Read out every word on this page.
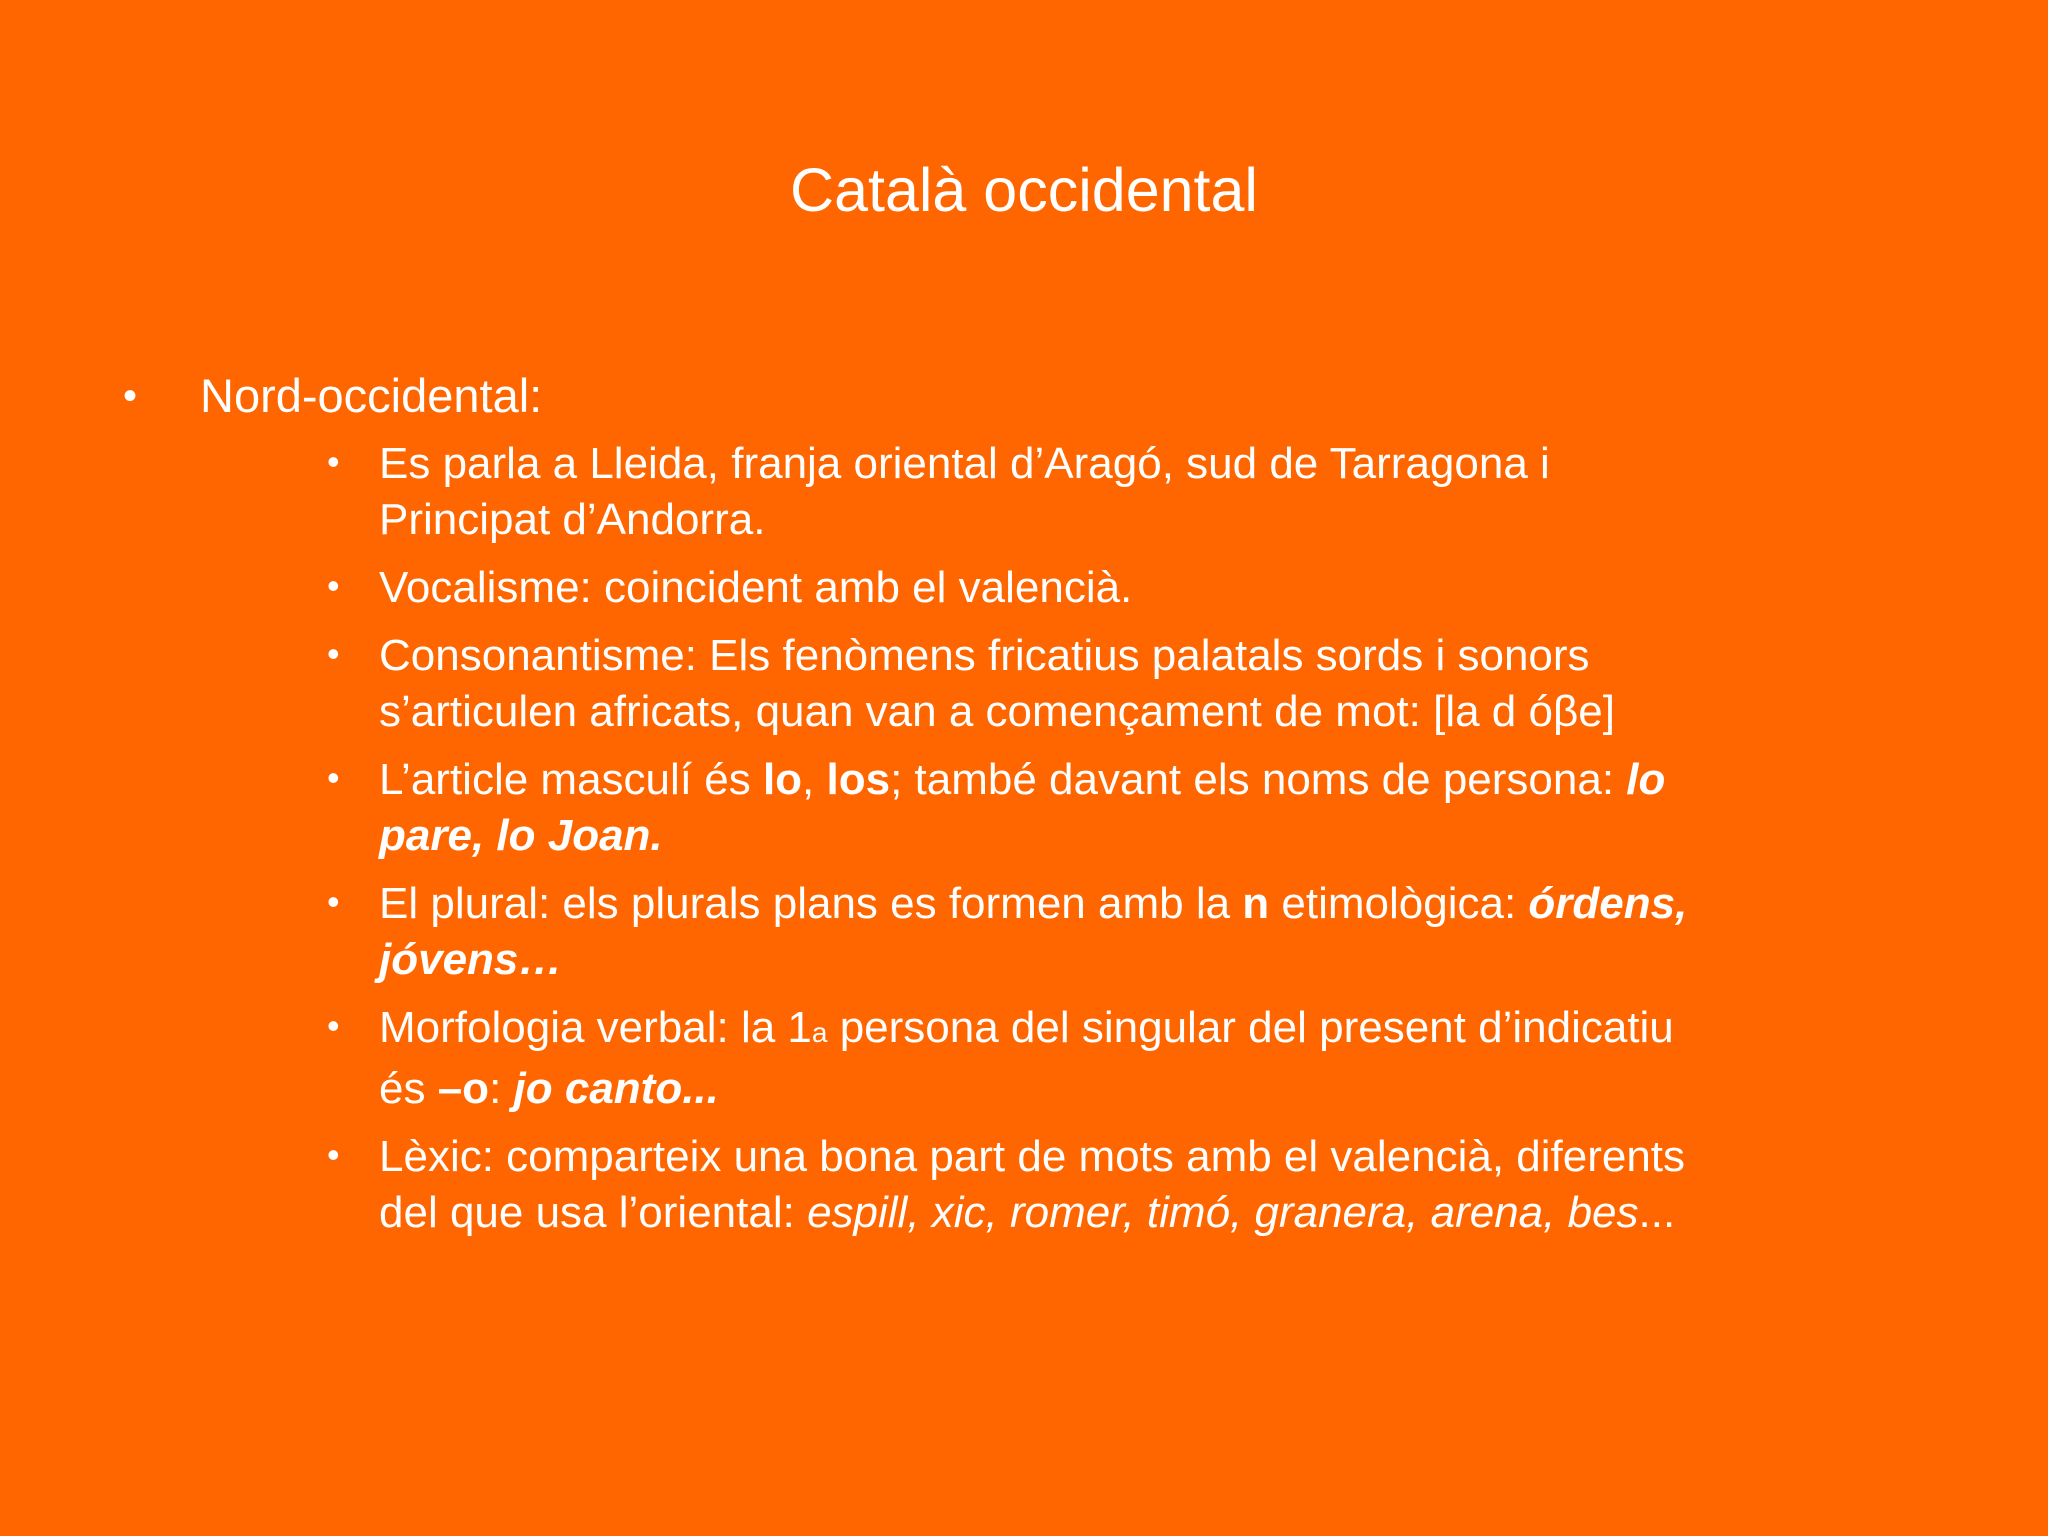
Català occidental
• Nord-occidental:
• Es parla a Lleida, franja oriental d’Aragó, sud de Tarragona i
Principat d’Andorra.
• Vocalisme: coincident amb el valencià.
• Consonantisme: Els fenòmens fricatius palatals sords i sonors
s’articulen africats, quan van a començament de mot: [la d óβe]
• L’article masculí és lo, los; també davant els noms de persona: lo
pare, lo Joan.
• El plural: els plurals plans es formen amb la n etimològica: órdens,
jóvens…
• Morfologia verbal: la 1a persona del singular del present d’indicatiu
és –o: jo canto...
• Lèxic: comparteix una bona part de mots amb el valencià, diferents
del que usa l’oriental: espill, xic, romer, timó, granera, arena, bes...
